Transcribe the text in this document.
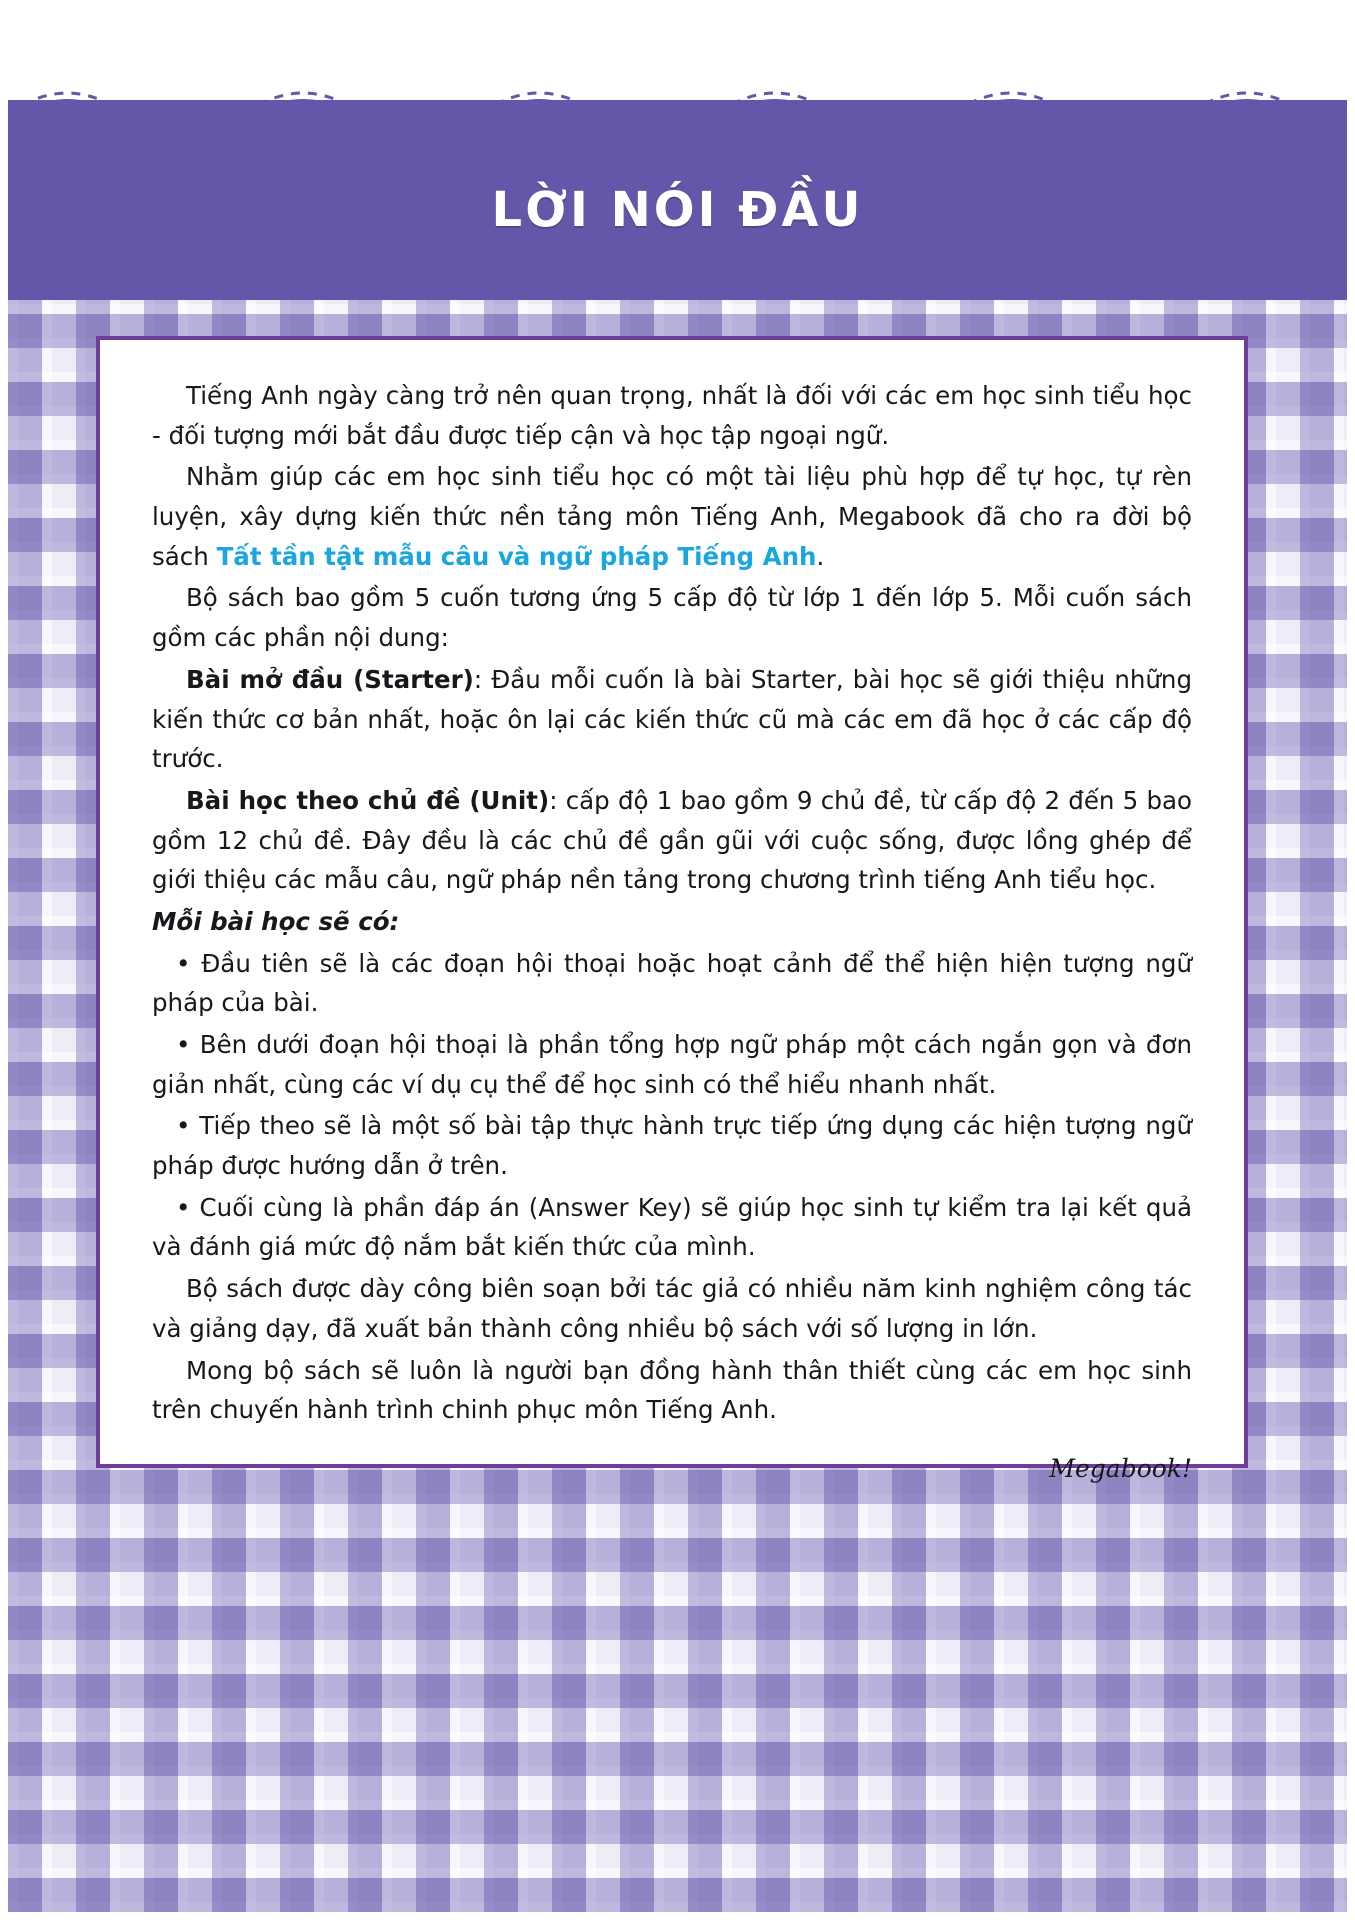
LỜI NÓI ĐẦU

Tiếng Anh ngày càng trở nên quan trọng, nhất là đối với các em học sinh tiểu học - đối tượng mới bắt đầu được tiếp cận và học tập ngoại ngữ.

Nhằm giúp các em học sinh tiểu học có một tài liệu phù hợp để tự học, tự rèn luyện, xây dựng kiến thức nền tảng môn Tiếng Anh, Megabook đã cho ra đời bộ sách Tất tần tật mẫu câu và ngữ pháp Tiếng Anh.

Bộ sách bao gồm 5 cuốn tương ứng 5 cấp độ từ lớp 1 đến lớp 5. Mỗi cuốn sách gồm các phần nội dung:

Bài mở đầu (Starter): Đầu mỗi cuốn là bài Starter, bài học sẽ giới thiệu những kiến thức cơ bản nhất, hoặc ôn lại các kiến thức cũ mà các em đã học ở các cấp độ trước.

Bài học theo chủ đề (Unit): cấp độ 1 bao gồm 9 chủ đề, từ cấp độ 2 đến 5 bao gồm 12 chủ đề. Đây đều là các chủ đề gần gũi với cuộc sống, được lồng ghép để giới thiệu các mẫu câu, ngữ pháp nền tảng trong chương trình tiếng Anh tiểu học.

Mỗi bài học sẽ có:

• Đầu tiên sẽ là các đoạn hội thoại hoặc hoạt cảnh để thể hiện hiện tượng ngữ pháp của bài.

• Bên dưới đoạn hội thoại là phần tổng hợp ngữ pháp một cách ngắn gọn và đơn giản nhất, cùng các ví dụ cụ thể để học sinh có thể hiểu nhanh nhất.

• Tiếp theo sẽ là một số bài tập thực hành trực tiếp ứng dụng các hiện tượng ngữ pháp được hướng dẫn ở trên.

• Cuối cùng là phần đáp án (Answer Key) sẽ giúp học sinh tự kiểm tra lại kết quả và đánh giá mức độ nắm bắt kiến thức của mình.

Bộ sách được dày công biên soạn bởi tác giả có nhiều năm kinh nghiệm công tác và giảng dạy, đã xuất bản thành công nhiều bộ sách với số lượng in lớn.

Mong bộ sách sẽ luôn là người bạn đồng hành thân thiết cùng các em học sinh trên chuyến hành trình chinh phục môn Tiếng Anh.

Megabook!
